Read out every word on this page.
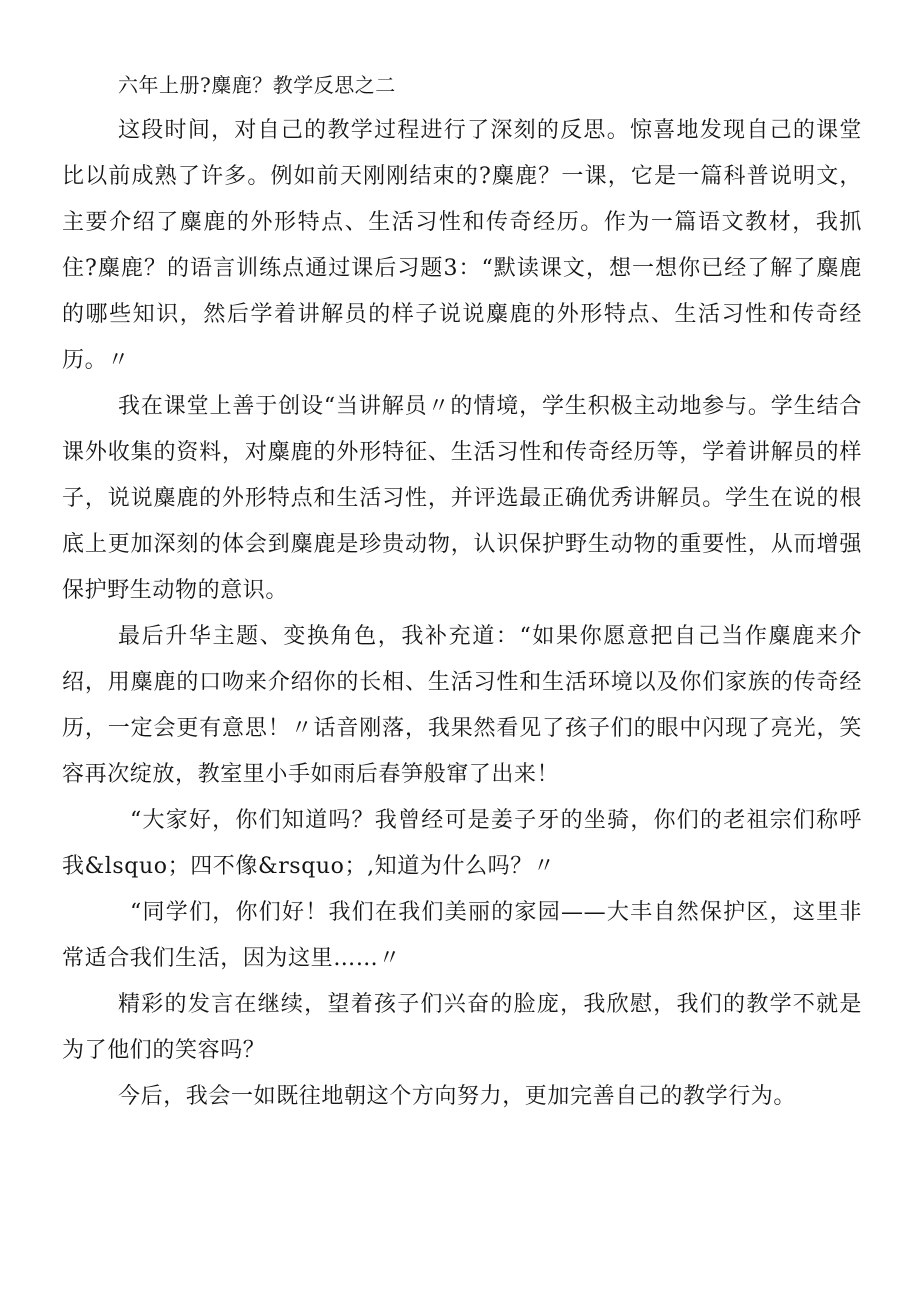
六年上册?麋鹿？教学反思之二

这段时间，对自己的教学过程进行了深刻的反思。惊喜地发现自己的课堂比以前成熟了许多。例如前天刚刚结束的?麋鹿？一课，它是一篇科普说明文，主要介绍了麋鹿的外形特点、生活习性和传奇经历。作为一篇语文教材，我抓住?麋鹿？的语言训练点通过课后习题3：“默读课文，想一想你已经了解了麋鹿的哪些知识，然后学着讲解员的样子说说麋鹿的外形特点、生活习性和传奇经历。〃

我在课堂上善于创设“当讲解员〃的情境，学生积极主动地参与。学生结合课外收集的资料，对麋鹿的外形特征、生活习性和传奇经历等，学着讲解员的样子，说说麋鹿的外形特点和生活习性，并评选最正确优秀讲解员。学生在说的根底上更加深刻的体会到麋鹿是珍贵动物，认识保护野生动物的重要性，从而增强保护野生动物的意识。

最后升华主题、变换角色，我补充道：“如果你愿意把自己当作麋鹿来介绍，用麋鹿的口吻来介绍你的长相、生活习性和生活环境以及你们家族的传奇经历，一定会更有意思！〃话音刚落，我果然看见了孩子们的眼中闪现了亮光，笑容再次绽放，教室里小手如雨后春笋般窜了出来！

“大家好，你们知道吗？我曾经可是姜子牙的坐骑，你们的老祖宗们称呼我&lsquo；四不像&rsquo；,知道为什么吗？〃

“同学们，你们好！我们在我们美丽的家园——大丰自然保护区，这里非常适合我们生活，因为这里……〃

精彩的发言在继续，望着孩子们兴奋的脸庞，我欣慰，我们的教学不就是为了他们的笑容吗？

今后，我会一如既往地朝这个方向努力，更加完善自己的教学行为。
